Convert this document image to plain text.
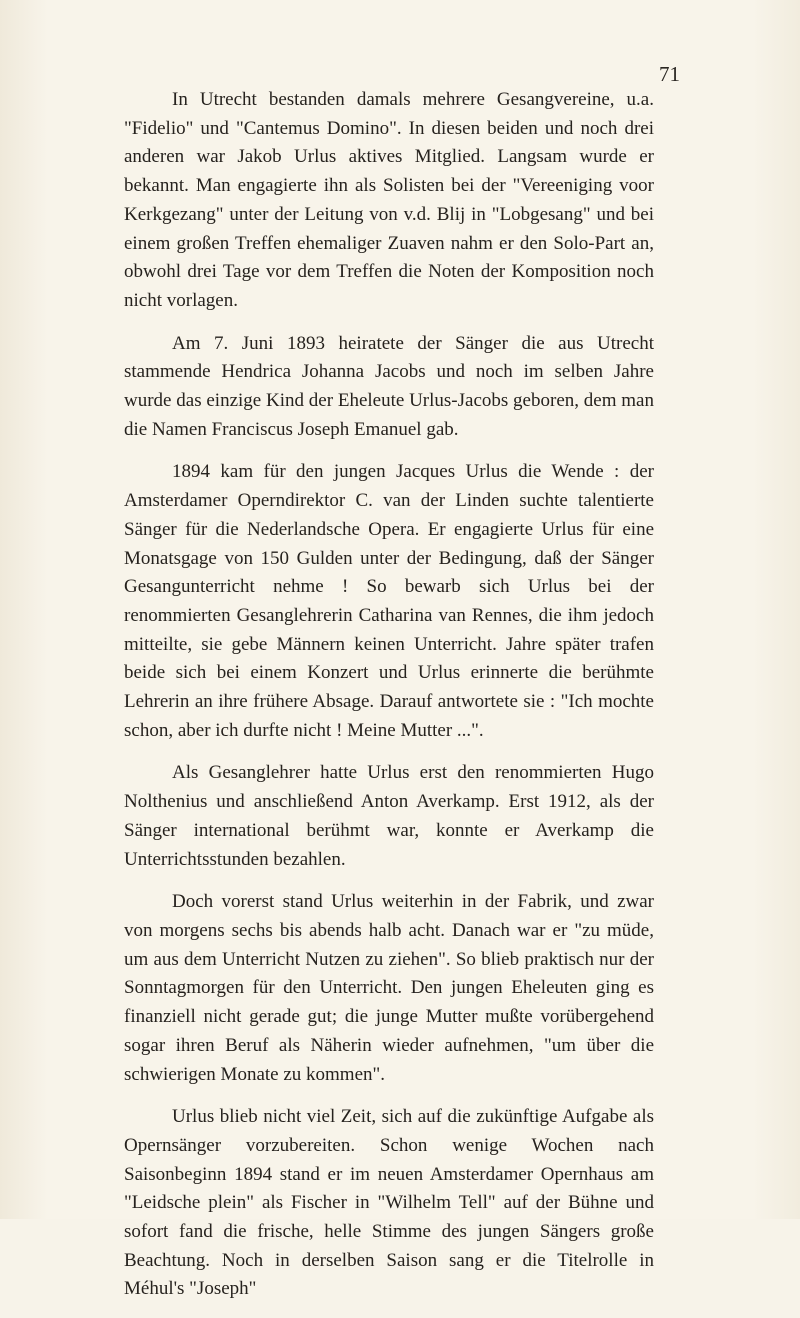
71

In Utrecht bestanden damals mehrere Gesangvereine, u.a. "Fidelio" und "Cantemus Domino". In diesen beiden und noch drei anderen war Jakob Urlus aktives Mitglied. Langsam wurde er bekannt. Man engagierte ihn als Solisten bei der "Vereeniging voor Kerkgezang" unter der Leitung von v.d. Blij in "Lobgesang" und bei einem großen Treffen ehemaliger Zuaven nahm er den Solo-Part an, obwohl drei Tage vor dem Treffen die Noten der Komposition noch nicht vorlagen.

Am 7. Juni 1893 heiratete der Sänger die aus Utrecht stammende Hendrica Johanna Jacobs und noch im selben Jahre wurde das einzige Kind der Eheleute Urlus-Jacobs geboren, dem man die Namen Franciscus Joseph Emanuel gab.

1894 kam für den jungen Jacques Urlus die Wende : der Amsterdamer Operndirektor C. van der Linden suchte talentierte Sänger für die Nederlandsche Opera. Er engagierte Urlus für eine Monatsgage von 150 Gulden unter der Bedingung, daß der Sänger Gesangunterricht nehme ! So bewarb sich Urlus bei der renommierten Gesanglehrerin Catharina van Rennes, die ihm jedoch mitteilte, sie gebe Männern keinen Unterricht. Jahre später trafen beide sich bei einem Konzert und Urlus erinnerte die berühmte Lehrerin an ihre frühere Absage. Darauf antwortete sie : "Ich mochte schon, aber ich durfte nicht ! Meine Mutter ...".

Als Gesanglehrer hatte Urlus erst den renommierten Hugo Nolthenius und anschließend Anton Averkamp. Erst 1912, als der Sänger international berühmt war, konnte er Averkamp die Unterrichtsstunden bezahlen.

Doch vorerst stand Urlus weiterhin in der Fabrik, und zwar von morgens sechs bis abends halb acht. Danach war er "zu müde, um aus dem Unterricht Nutzen zu ziehen". So blieb praktisch nur der Sonntagmorgen für den Unterricht. Den jungen Eheleuten ging es finanziell nicht gerade gut; die junge Mutter mußte vorübergehend sogar ihren Beruf als Näherin wieder aufnehmen, "um über die schwierigen Monate zu kommen".

Urlus blieb nicht viel Zeit, sich auf die zukünftige Aufgabe als Opernsänger vorzubereiten. Schon wenige Wochen nach Saisonbeginn 1894 stand er im neuen Amsterdamer Opernhaus am "Leidsche plein" als Fischer in "Wilhelm Tell" auf der Bühne und sofort fand die frische, helle Stimme des jungen Sängers große Beachtung. Noch in derselben Saison sang er die Titelrolle in Méhul's "Joseph"
